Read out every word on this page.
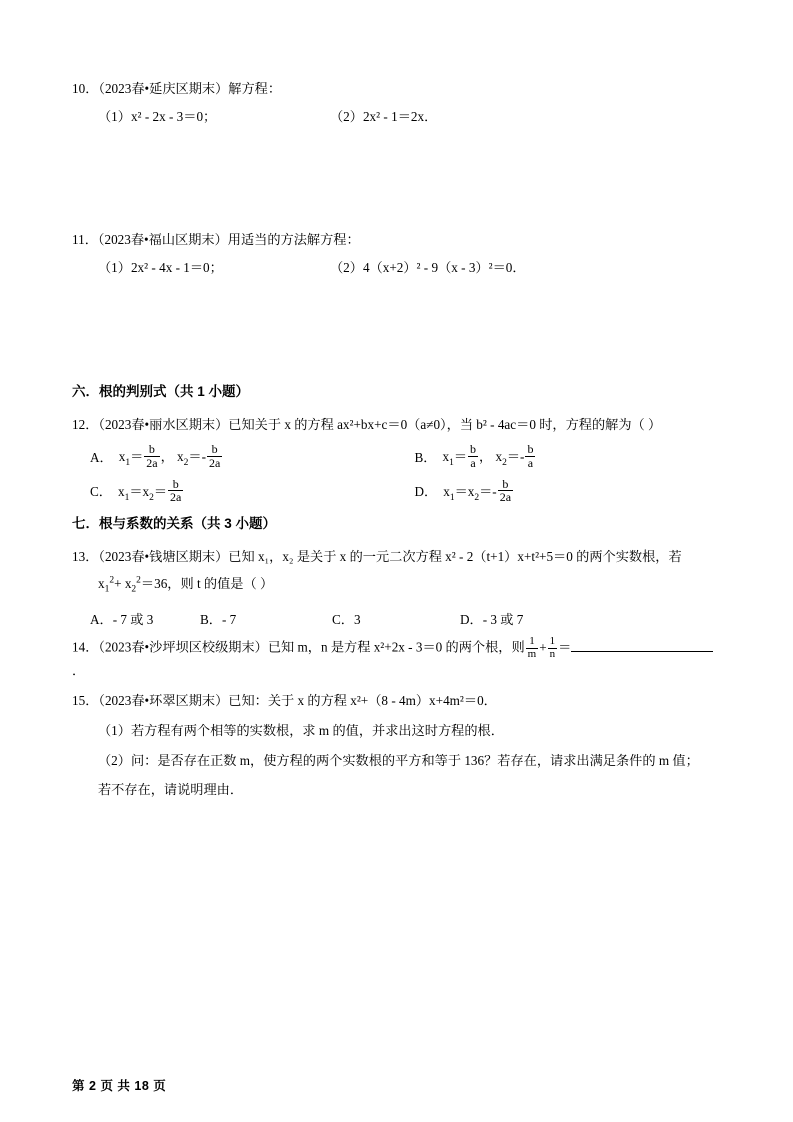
10．（2023春•延庆区期末）解方程：
（1）x² - 2x - 3＝0；	（2）2x² - 1＝2x．
11．（2023春•福山区期末）用适当的方法解方程：
（1）2x² - 4x - 1＝0；	（2）4（x+2）² - 9（x - 3）²＝0．
六．根的判别式（共 1 小题）
12．（2023春•丽水区期末）已知关于 x 的方程 ax²+bx+c＝0（a≠0），当 b² - 4ac＝0 时，方程的解为（ ）
A． $x_1= \frac{b}{2a}$ ， $x_2=- \frac{b}{2a}$	B． $x_1= \frac{b}{a}$ ， $x_2=- \frac{b}{a}$
C． $x_1=x_2= \frac{b}{2a}$	D． $x_1=x_2=- \frac{b}{2a}$
七．根与系数的关系（共 3 小题）
13．（2023春•钱塘区期末）已知 x₁，x₂ 是关于 x 的一元二次方程 x² - 2（t+1）x+t²+5＝0 的两个实数根，若
$x_1^2+ x_2^2=36$，则 t 的值是（ ）
A．- 7 或 3	B．- 7	C．3	D．- 3 或 7
14．（2023春•沙坪坝区校级期末）已知 m，n 是方程 x²+2x - 3＝0 的两个根，则 $\frac{1}{m} + \frac{1}{n}$ ＝．
15．（2023春•环翠区期末）已知：关于 x 的方程 x²+（8 - 4m）x+4m²＝0．
（1）若方程有两个相等的实数根，求 m 的值，并求出这时方程的根．
（2）问：是否存在正数 m，使方程的两个实数根的平方和等于 136？若存在，请求出满足条件的 m 值；
若不存在，请说明理由．
第 2 页 共 18 页
